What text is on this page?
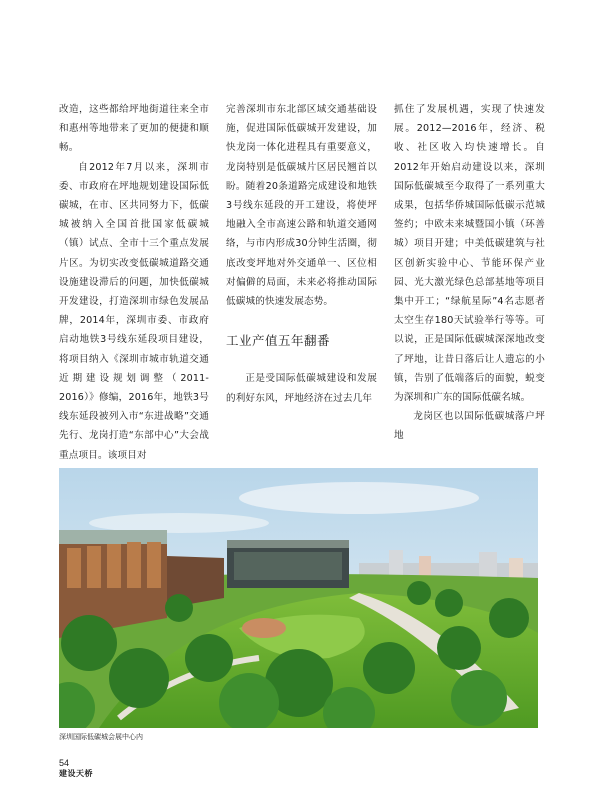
改造，这些都给坪地街道往来全市和惠州等地带来了更加的便捷和顺畅。

自2012年7月以来，深圳市委、市政府在坪地规划建设国际低碳城，在市、区共同努力下，低碳城被纳入全国首批国家低碳城（镇）试点、全市十三个重点发展片区。为切实改变低碳城道路交通设施建设滞后的问题，加快低碳城开发建设，打造深圳市绿色发展品牌，2014年，深圳市委、市政府启动地铁3号线东延段项目建设，将项目纳入《深圳市城市轨道交通近期建设规划调整（2011-2016）》修编，2016年，地铁3号线东延段被列入市“东进战略”交通先行、龙岗打造“东部中心”大会战重点项目。该项目对

完善深圳市东北部区域交通基础设施，促进国际低碳城开发建设，加快龙岗一体化进程具有重要意义，龙岗特别是低碳城片区居民翘首以盼。随着20条道路完成建设和地铁3号线东延段的开工建设，将使坪地融入全市高速公路和轨道交通网络，与市内形成30分钟生活圈，彻底改变坪地对外交通单一、区位相对偏僻的局面，未来必将推动国际低碳城的快速发展态势。

工业产值五年翻番

正是受国际低碳城建设和发展的利好东风，坪地经济在过去几年

抓住了发展机遇，实现了快速发展。2012—2016年，经济、税收、社区收入均快速增长。自2012年开始启动建设以来，深圳国际低碳城至今取得了一系列重大成果，包括华侨城国际低碳示范城签约；中欧未来城暨国小镇（环善城）项目开建；中美低碳建筑与社区创新实验中心、节能环保产业园、光大激光绿色总部基地等项目集中开工；“绿航星际”4名志愿者太空生存180天试验举行等等。可以说，正是国际低碳城深深地改变了坪地，让昔日落后让人遗忘的小镇，告别了低端落后的面貌，蜕变为深圳和广东的国际低碳名城。

龙岗区也以国际低碳城落户坪地

深圳国际低碳城会展中心内
54
建设天桥
